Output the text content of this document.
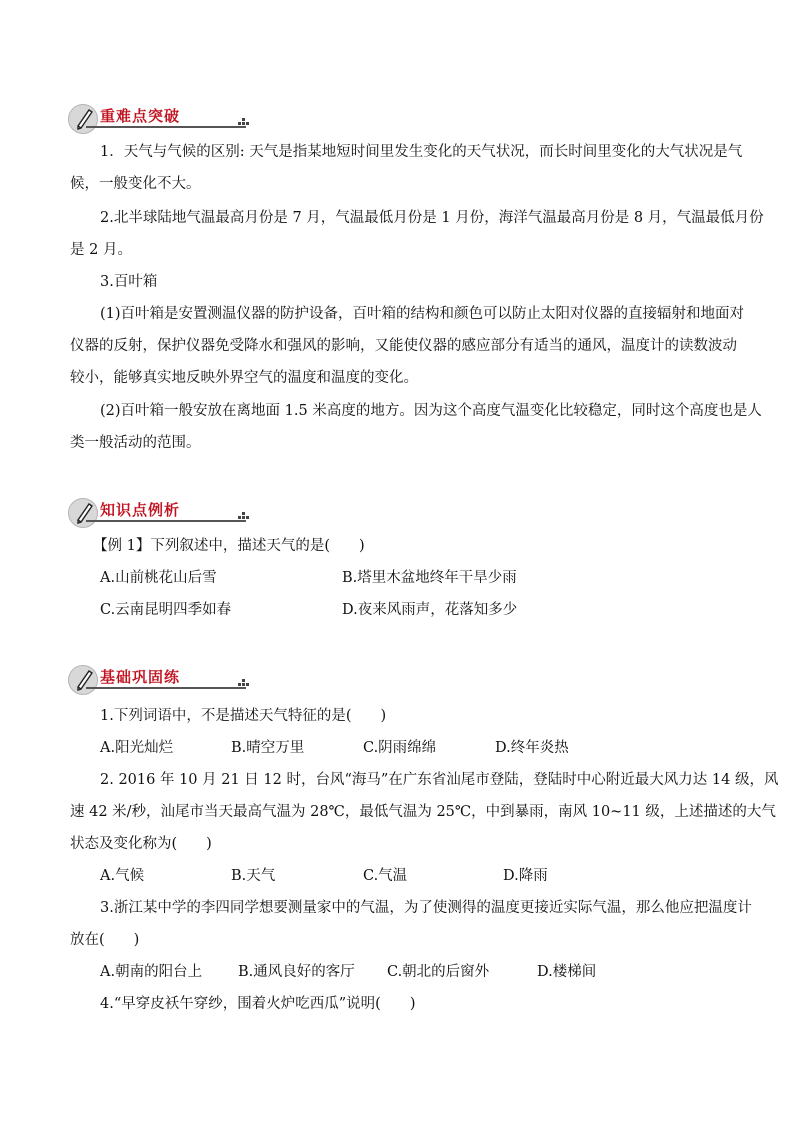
重难点突破
1．天气与气候的区别: 天气是指某地短时间里发生变化的天气状况，而长时间里变化的大气状况是气
候，一般变化不大。
2.北半球陆地气温最高月份是 7 月，气温最低月份是 1 月份，海洋气温最高月份是 8 月，气温最低月份
是 2 月。
3.百叶箱
(1)百叶箱是安置测温仪器的防护设备，百叶箱的结构和颜色可以防止太阳对仪器的直接辐射和地面对
仪器的反射，保护仪器免受降水和强风的影响，又能使仪器的感应部分有适当的通风，温度计的读数波动
较小，能够真实地反映外界空气的温度和温度的变化。
(2)百叶箱一般安放在离地面 1.5 米高度的地方。因为这个高度气温变化比较稳定，同时这个高度也是人
类一般活动的范围。
知识点例析
【例 1】下列叙述中，描述天气的是(　　)
A.山前桃花山后雪	B.塔里木盆地终年干旱少雨
C.云南昆明四季如春	D.夜来风雨声，花落知多少
基础巩固练
1.下列词语中，不是描述天气特征的是(　　)
A.阳光灿烂	B.晴空万里	C.阴雨绵绵	D.终年炎热
2. 2016 年 10 月 21 日 12 时，台风“海马”在广东省汕尾市登陆，登陆时中心附近最大风力达 14 级，风
速 42 米/秒，汕尾市当天最高气温为 28℃，最低气温为 25℃，中到暴雨，南风 10~11 级，上述描述的大气
状态及变化称为(　　)
A.气候	B.天气	C.气温	D.降雨
3.浙江某中学的李四同学想要测量家中的气温，为了使测得的温度更接近实际气温，那么他应把温度计
放在(　　)
A.朝南的阳台上 B.通风良好的客厅 C.朝北的后窗外	D.楼梯间
4.“早穿皮袄午穿纱，围着火炉吃西瓜”说明(　　)
